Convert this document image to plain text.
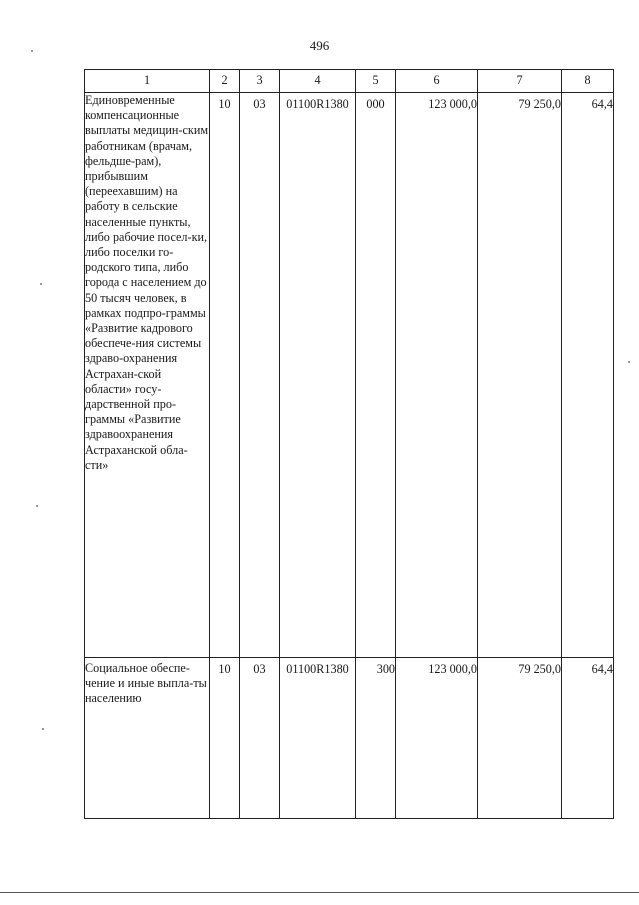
496
1	2	3	4	5	6	7	8
Единовременные компенсационные выплаты медицин-ским работникам (врачам, фельдше-рам), прибывшим (переехавшим) на работу в сельские населенные пункты, либо рабочие посел-ки, либо поселки го-родского типа, либо города с населением до 50 тысяч человек, в рамках подпро-граммы «Развитие кадрового обеспече-ния системы здраво-охранения Астрахан-ской области» госу-дарственной про-граммы «Развитие здравоохранения Астраханской обла-сти»	10	03	01100R1380	000	123 000,0	79 250,0	64,4
Социальное обеспе-чение и иные выпла-ты населению	10	03	01100R1380	300	123 000,0	79 250,0	64,4
